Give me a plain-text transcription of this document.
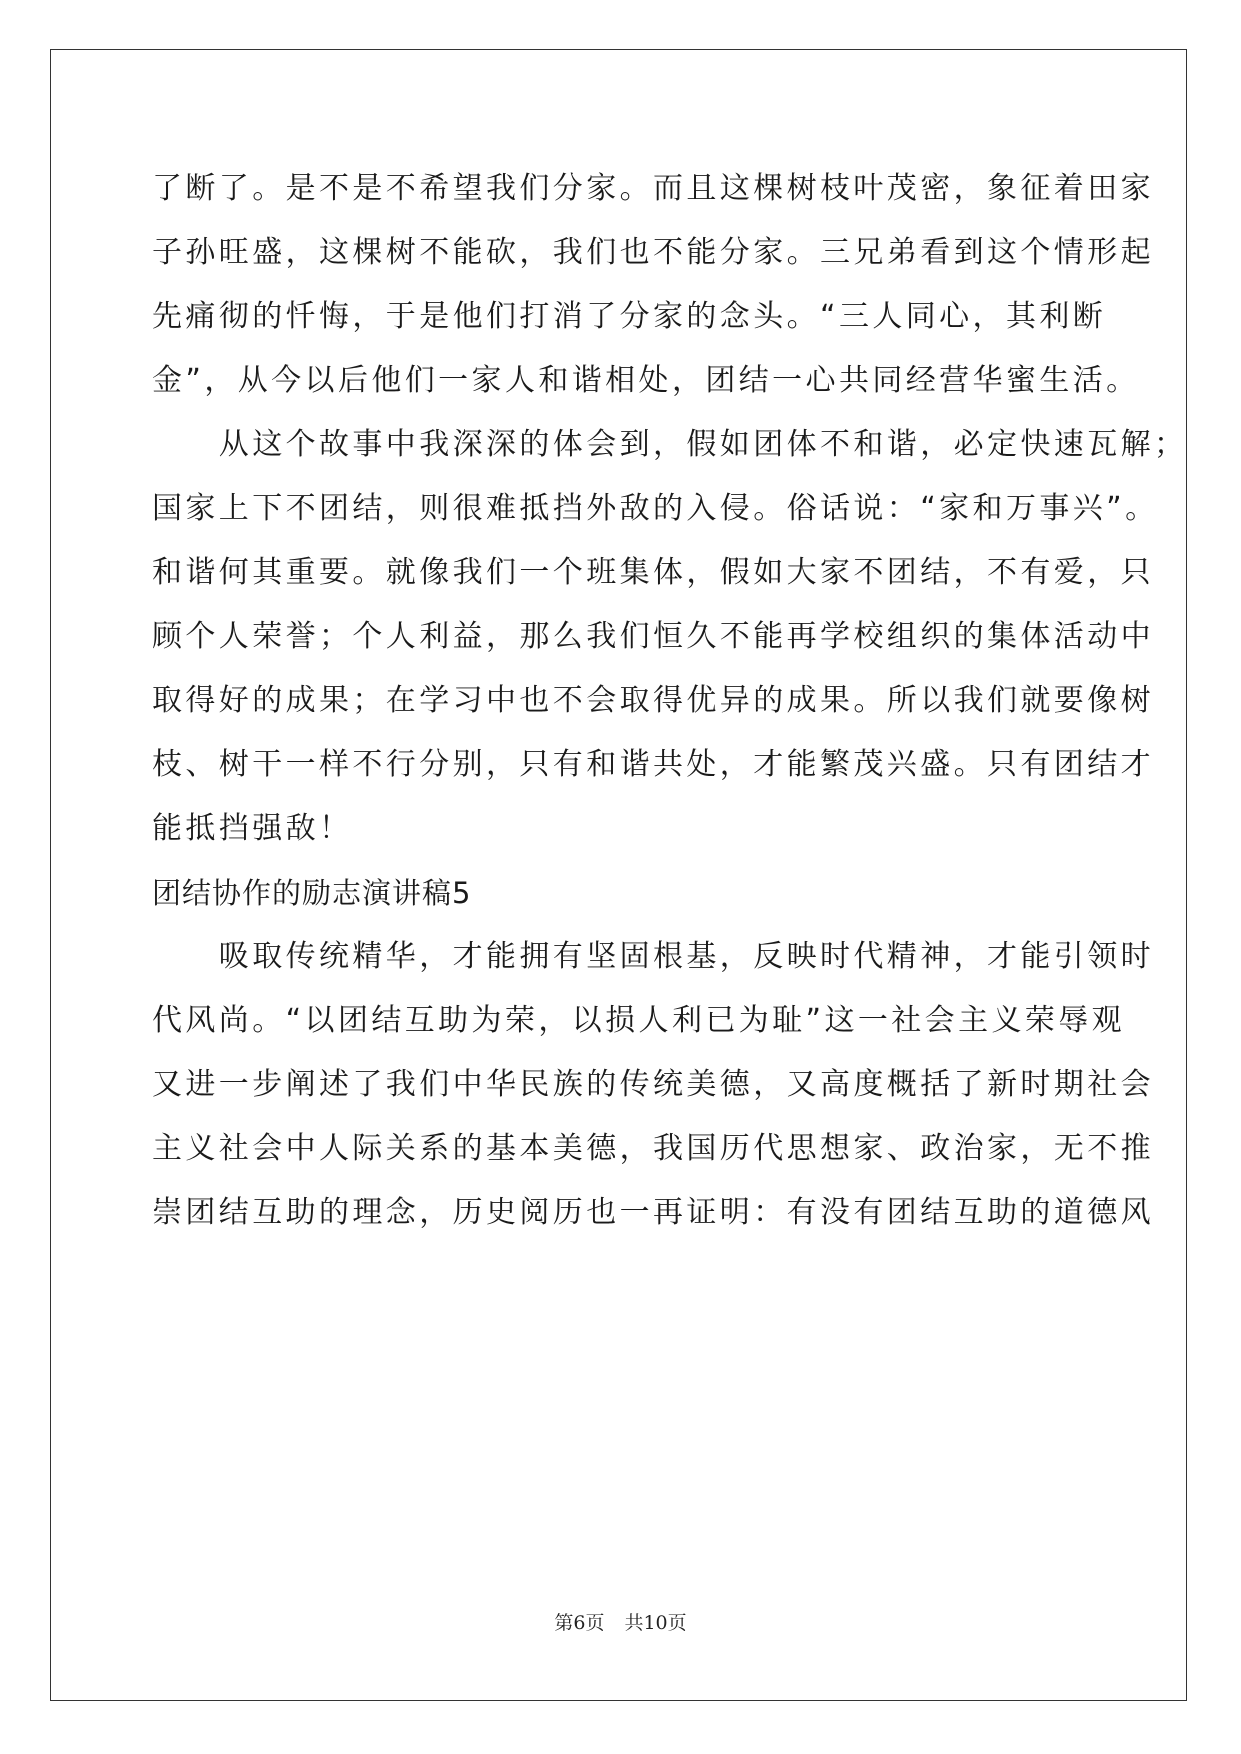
了断了。是不是不希望我们分家。而且这棵树枝叶茂密，象征着田家
子孙旺盛，这棵树不能砍，我们也不能分家。三兄弟看到这个情形起
先痛彻的忏悔，于是他们打消了分家的念头。“三人同心，其利断
金”，从今以后他们一家人和谐相处，团结一心共同经营华蜜生活。
　　从这个故事中我深深的体会到，假如团体不和谐，必定快速瓦解；
国家上下不团结，则很难抵挡外敌的入侵。俗话说：“家和万事兴”。
和谐何其重要。就像我们一个班集体，假如大家不团结，不有爱，只
顾个人荣誉；个人利益，那么我们恒久不能再学校组织的集体活动中
取得好的成果；在学习中也不会取得优异的成果。所以我们就要像树
枝、树干一样不行分别，只有和谐共处，才能繁茂兴盛。只有团结才
能抵挡强敌！
团结协作的励志演讲稿5
　　吸取传统精华，才能拥有坚固根基，反映时代精神，才能引领时
代风尚。“以团结互助为荣，以损人利已为耻”这一社会主义荣辱观
又进一步阐述了我们中华民族的传统美德，又高度概括了新时期社会
主义社会中人际关系的基本美德，我国历代思想家、政治家，无不推
崇团结互助的理念，历史阅历也一再证明：有没有团结互助的道德风
第6页 共10页
